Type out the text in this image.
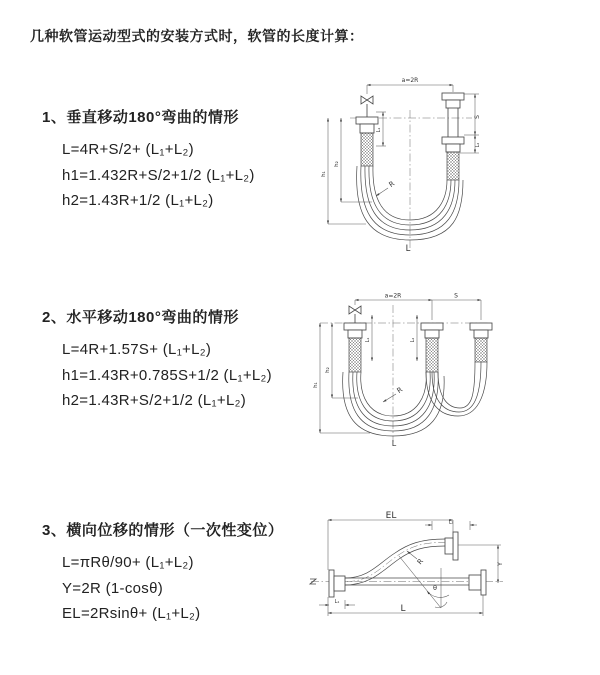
几种软管运动型式的安装方式时，软管的长度计算：
1、垂直移动180°弯曲的情形
L=4R+S/2+ (L₁+L₂)
h1=1.432R+S/2+1/2 (L₁+L₂)
h2=1.43R+1/2 (L₁+L₂)
2、水平移动180°弯曲的情形
L=4R+1.57S+ (L₁+L₂)
h1=1.43R+0.785S+1/2 (L₁+L₂)
h2=1.43R+S/2+1/2 (L₁+L₂)
3、横向位移的情形（一次性变位）
L=πRθ/90+ (L₁+L₂)
Y=2R (1-cosθ)
EL=2Rsinθ+ (L₁+L₂)
a=2R
S
L₂
L₁
h₁
h₂
R
L
a=2R	S
L₁	L₂
h₁
h₂
R
L
EL
L₂
R
θ
Y
L₁
L
